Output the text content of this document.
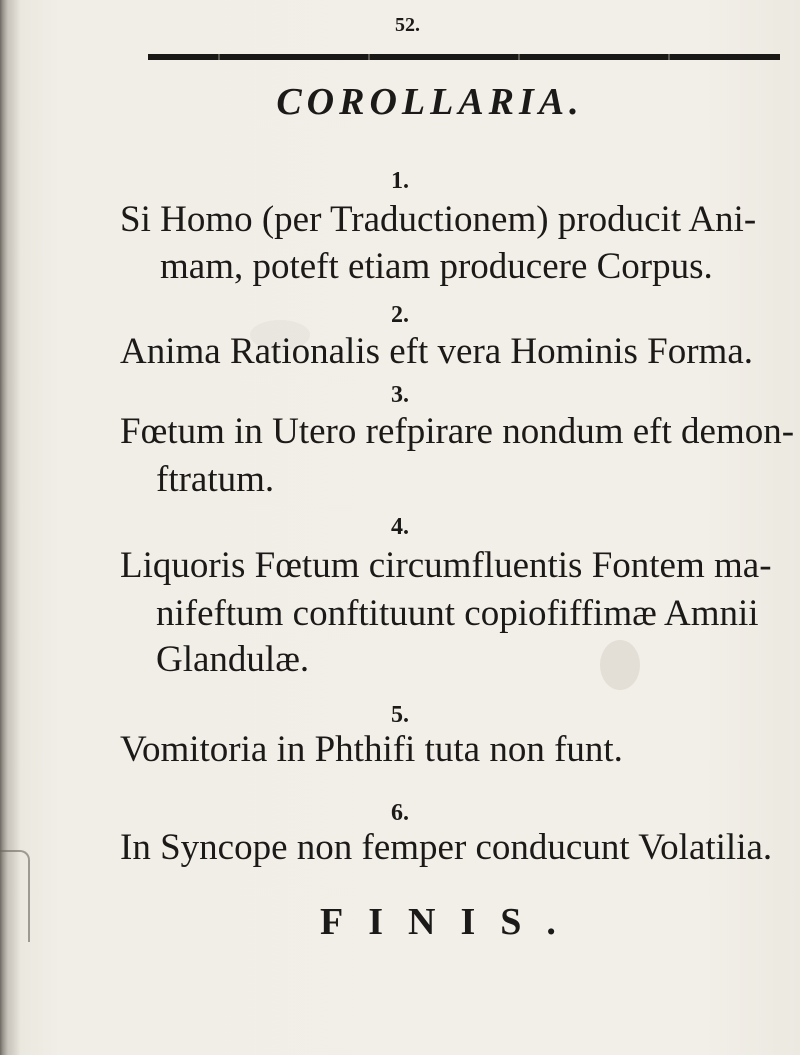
52.
COROLLARIA.
1.
Si Homo (per Traductionem) producit Ani-
mam, poteft etiam producere Corpus.
2.
Anima Rationalis eft vera Hominis Forma.
3.
Fœtum in Utero refpirare nondum eft demon-
ftratum.
4.
Liquoris Fœtum circumfluentis Fontem ma-
nifeftum conftituunt copiofiffimæ Amnii
Glandulæ.
5.
Vomitoria in Phthifi tuta non funt.
6.
In Syncope non femper conducunt Volatilia.
FINIS.
